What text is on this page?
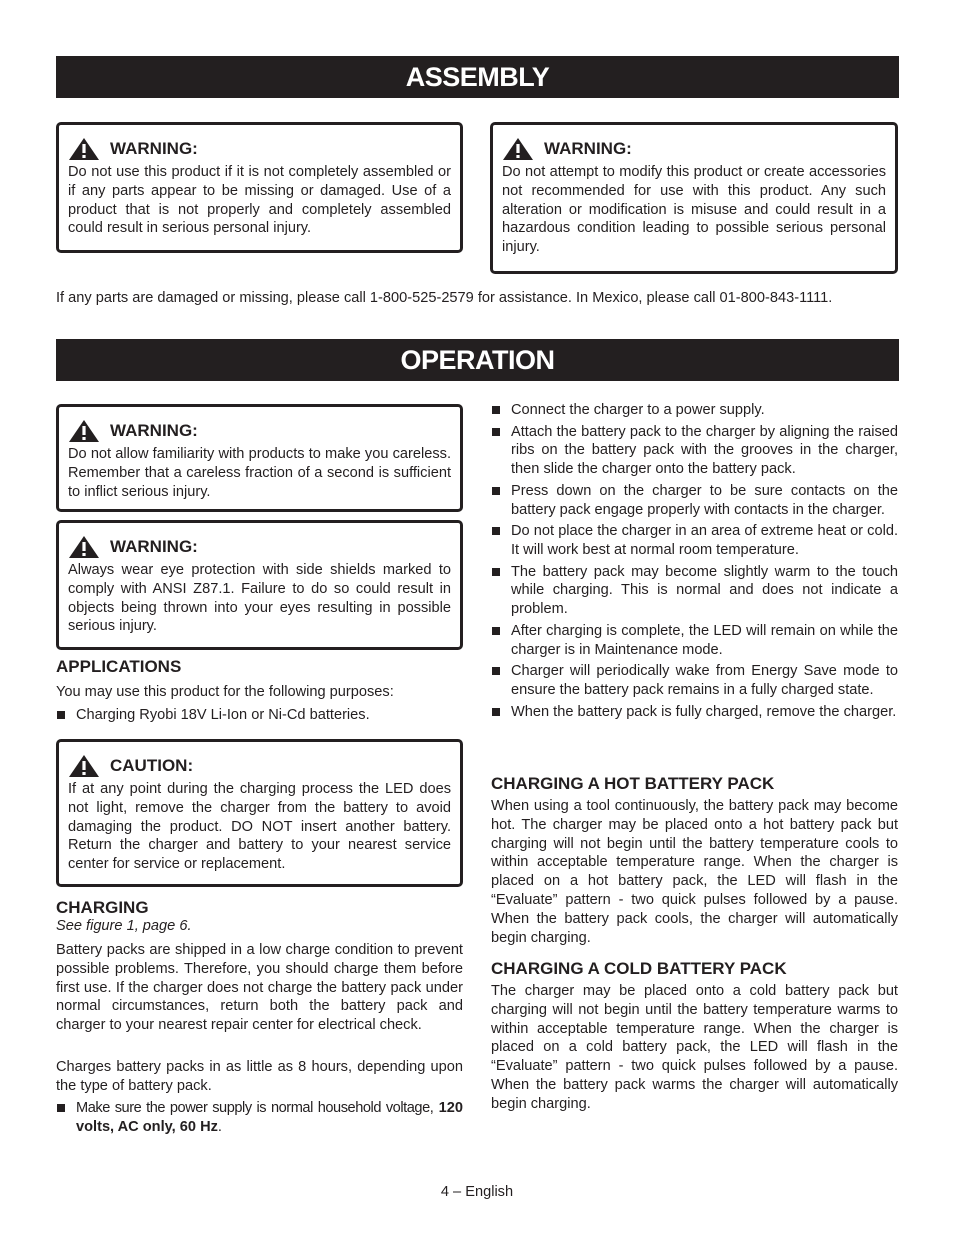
ASSEMBLY
WARNING:
Do not use this product if it is not completely assembled or if any parts appear to be missing or damaged. Use of a product that is not properly and completely assembled could result in serious personal injury.
WARNING:
Do not attempt to modify this product or create accessories not recommended for use with this product. Any such alteration or modification is misuse and could result in a hazardous condition leading to possible serious personal injury.
If any parts are damaged or missing, please call 1-800-525-2579 for assistance. In Mexico, please call 01-800-843-1111.
OPERATION
WARNING:
Do not allow familiarity with products to make you careless. Remember that a careless fraction of a second is sufficient to inflict serious injury.
WARNING:
Always wear eye protection with side shields marked to comply with ANSI Z87.1. Failure to do so could result in objects being thrown into your eyes resulting in possible serious injury.
APPLICATIONS
You may use this product for the following purposes:
Charging Ryobi 18V Li-Ion or Ni-Cd batteries.
CAUTION:
If at any point during the charging process the LED does not light, remove the charger from the battery to avoid damaging the product. DO NOT insert another battery. Return the charger and battery to your nearest service center for service or replacement.
CHARGING
See figure 1, page 6.
Battery packs are shipped in a low charge condition to prevent possible problems. Therefore, you should charge them before first use. If the charger does not charge the battery pack under normal circumstances, return both the battery pack and charger to your nearest repair center for electrical check.
Charges battery packs in as little as 8 hours, depending upon the type of battery pack.
Make sure the power supply is normal household voltage, 120 volts, AC only, 60 Hz.
Connect the charger to a power supply.
Attach the battery pack to the charger by aligning the raised ribs on the battery pack with the grooves in the charger, then slide the charger onto the battery pack.
Press down on the charger to be sure contacts on the battery pack engage properly with contacts in the charger.
Do not place the charger in an area of extreme heat or cold. It will work best at normal room temperature.
The battery pack may become slightly warm to the touch while charging. This is normal and does not indicate a problem.
After charging is complete, the LED will remain on while the charger is in Maintenance mode.
Charger will periodically wake from Energy Save mode to ensure the battery pack remains in a fully charged state.
When the battery pack is fully charged, remove the charger.
CHARGING A HOT BATTERY PACK
When using a tool continuously, the battery pack may become hot. The charger may be placed onto a hot battery pack but charging will not begin until the battery temperature cools to within acceptable temperature range. When the charger is placed on a hot battery pack, the LED will flash in the “Evaluate” pattern - two quick pulses followed by a pause. When the battery pack cools, the charger will automatically begin charging.
CHARGING A COLD BATTERY PACK
The charger may be placed onto a cold battery pack but charging will not begin until the battery temperature warms to within acceptable temperature range. When the charger is placed on a cold battery pack, the LED will flash in the “Evaluate” pattern - two quick pulses followed by a pause. When the battery pack warms the charger will automatically begin charging.
4 – English
